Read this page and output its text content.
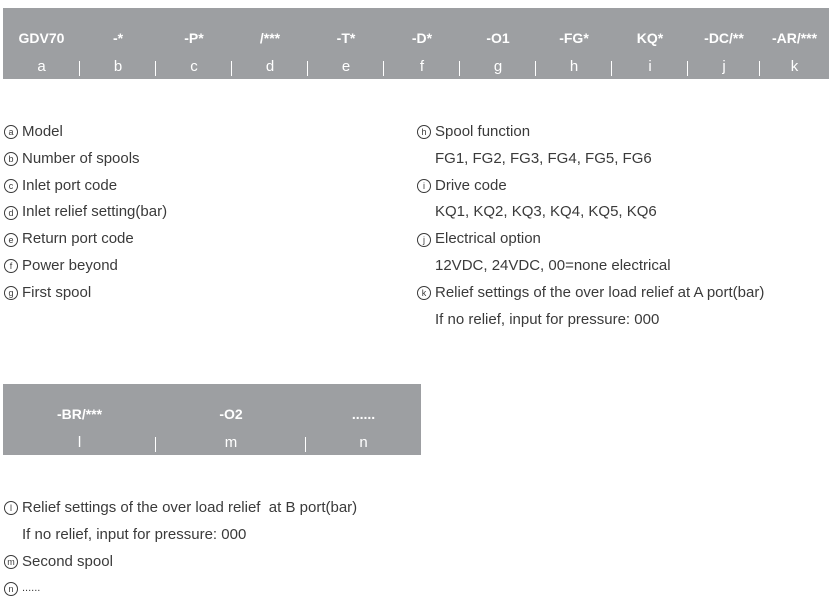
GDV70	-*	-P*	/***	-T*	-D*	-O1	-FG*	KQ*	-DC/**	-AR/***
a	b	c	d	e	f	g	h	i	j	k
a Model
b Number of spools
c Inlet port code
d Inlet relief setting(bar)
e Return port code
f Power beyond
g First spool
h Spool function
FG1, FG2, FG3, FG4, FG5, FG6
i Drive code
KQ1, KQ2, KQ3, KQ4, KQ5, KQ6
j Electrical option
12VDC, 24VDC, 00=none electrical
k Relief settings of the over load relief at A port(bar)
If no relief, input for pressure: 000
-BR/***	-O2	......
l	m	n
l Relief settings of the over load relief  at B port(bar)
If no relief, input for pressure: 000
m Second spool
n ......
